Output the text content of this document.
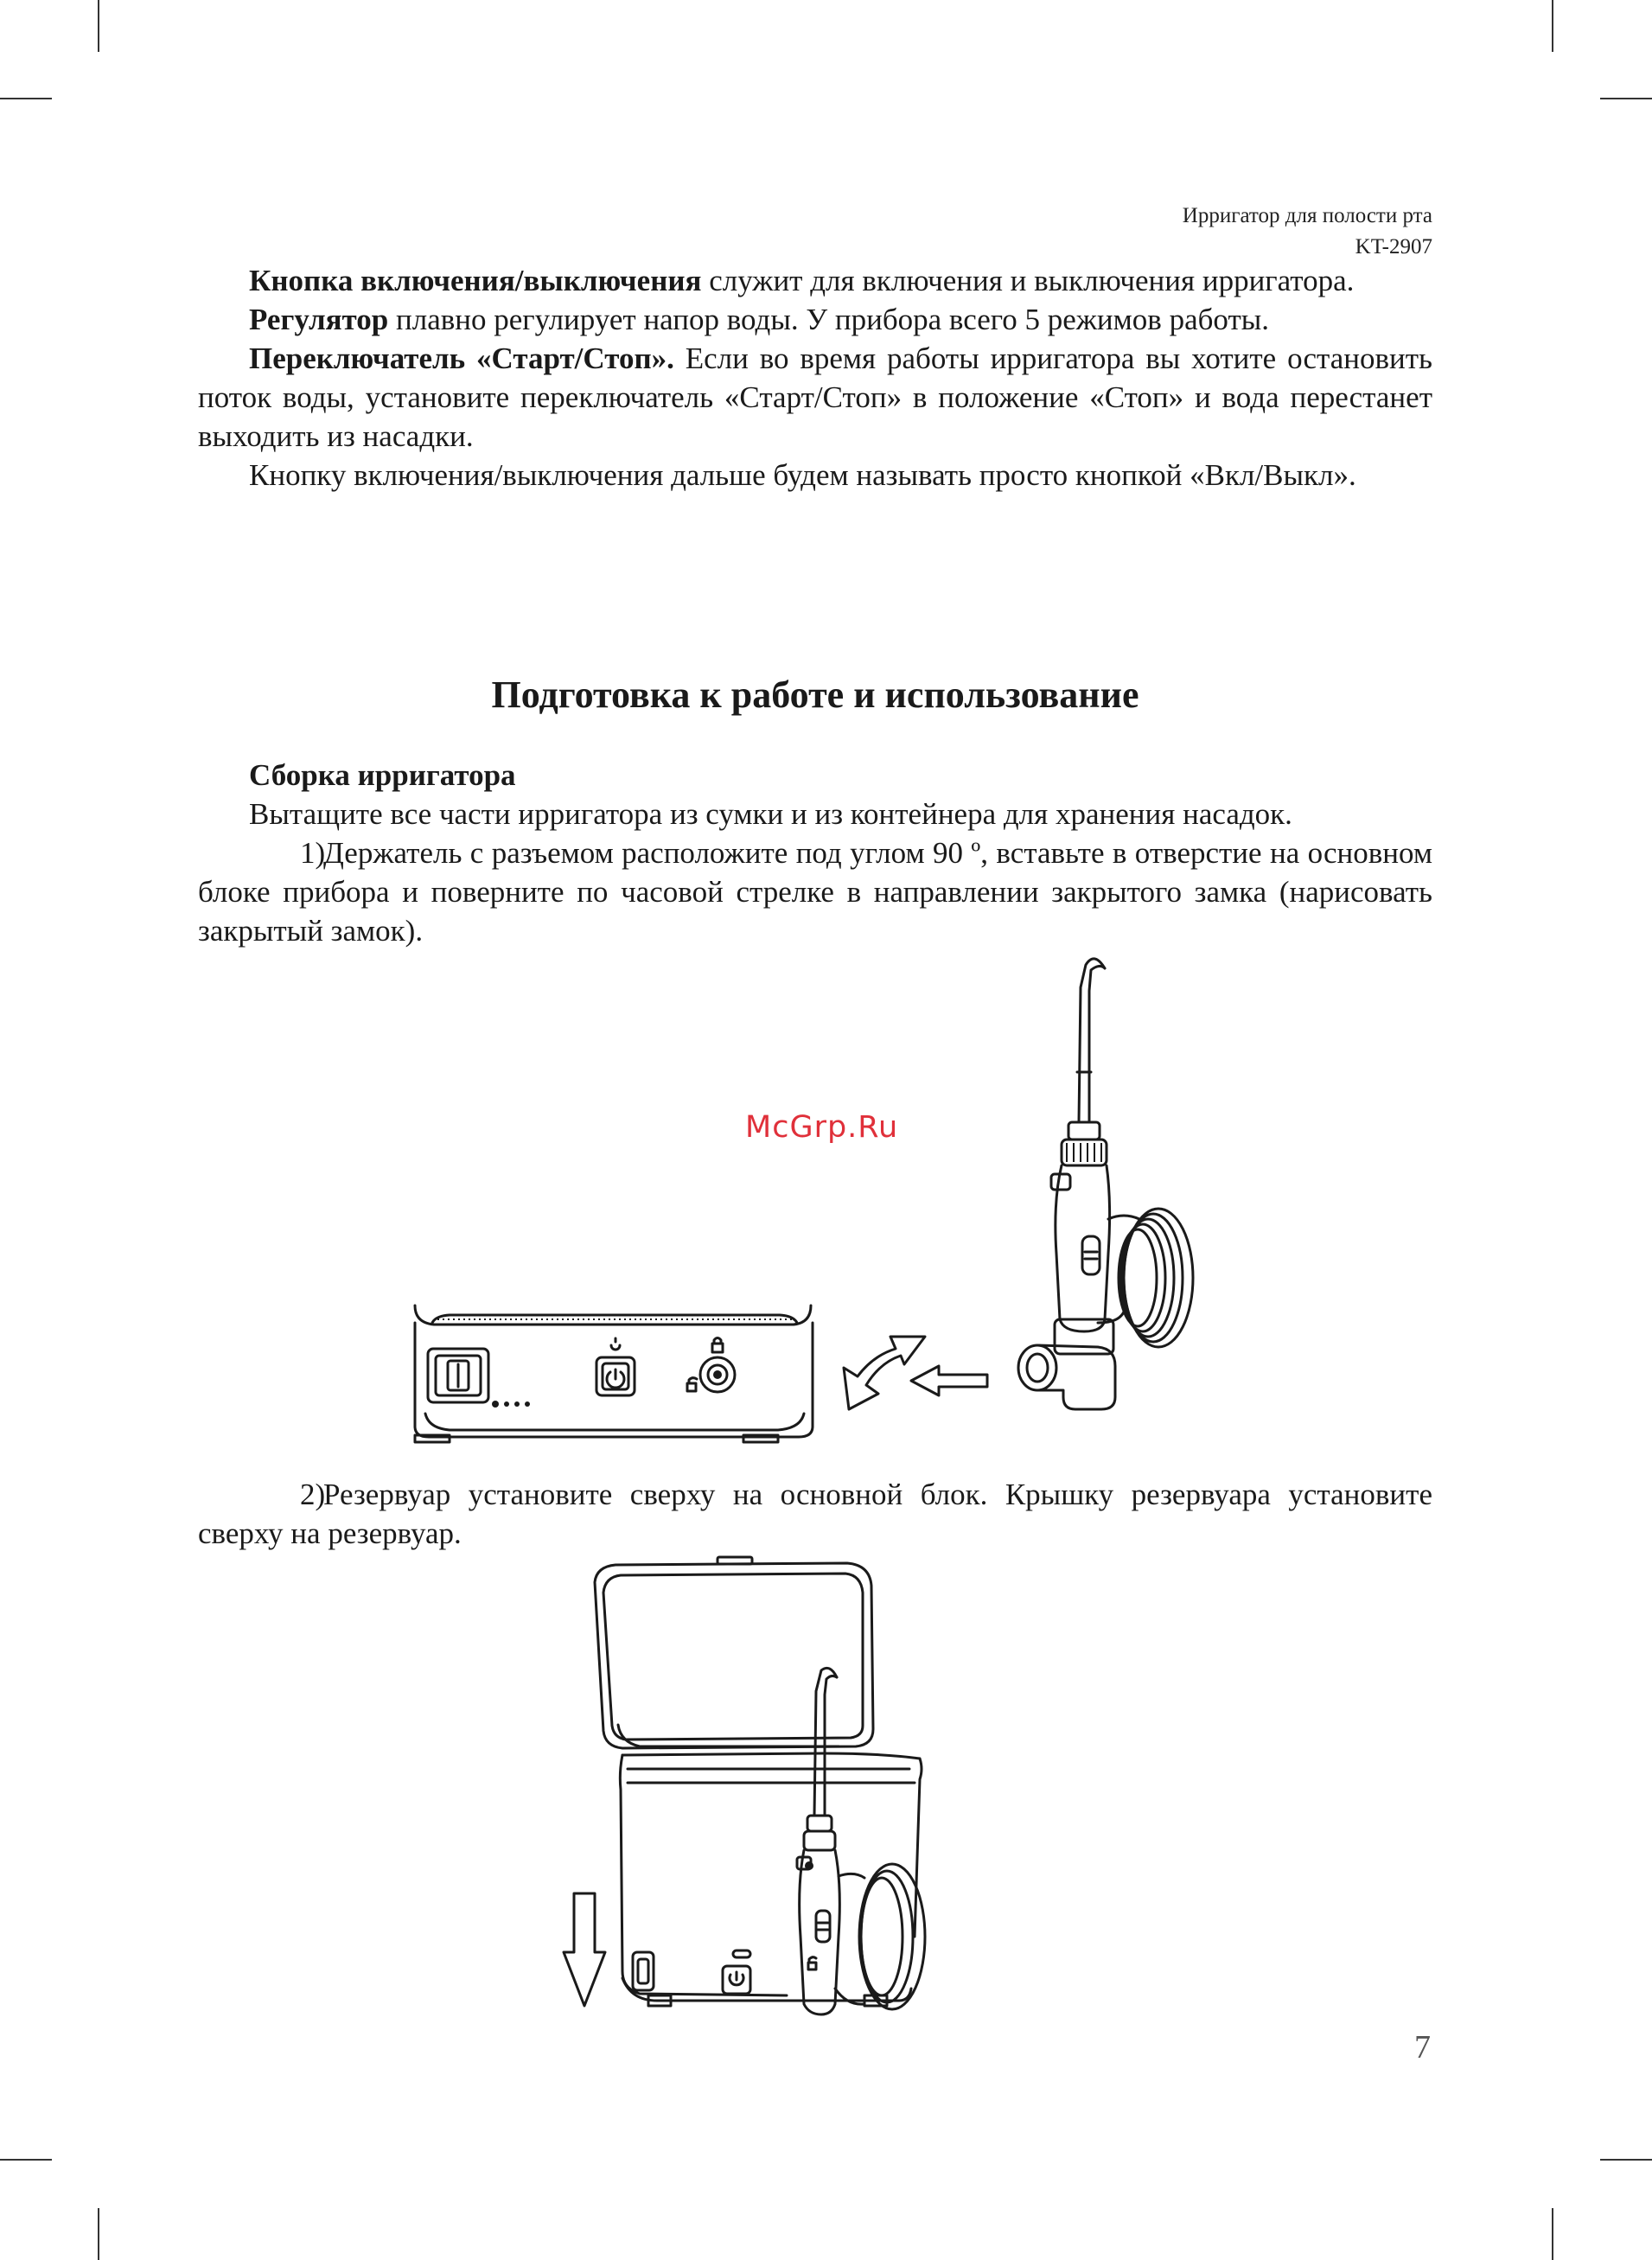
Ирригатор для полости рта
KT-2907

Кнопка включения/выключения служит для включения и выключения ирригатора.

Регулятор плавно регулирует напор воды. У прибора всего 5 режимов работы.

Переключатель «Старт/Стоп». Если во время работы ирригатора вы хотите остановить поток воды, установите переключатель «Старт/Стоп» в положение «Стоп» и вода перестанет выходить из насадки.

Кнопку включения/выключения дальше будем называть просто кнопкой «Вкл/Выкл».

Подготовка к работе и использование

Сборка ирригатора

Вытащите все части ирригатора из сумки и из контейнера для хранения насадок.

1)Держатель с разъемом расположите под углом 90 º, вставьте в отверстие на основном блоке прибора и поверните по часовой стрелке в направлении закрытого замка (нарисовать закрытый замок).

2)Резервуар установите сверху на основной блок. Крышку резервуара установите сверху на резервуар.

McGrp.Ru
7
